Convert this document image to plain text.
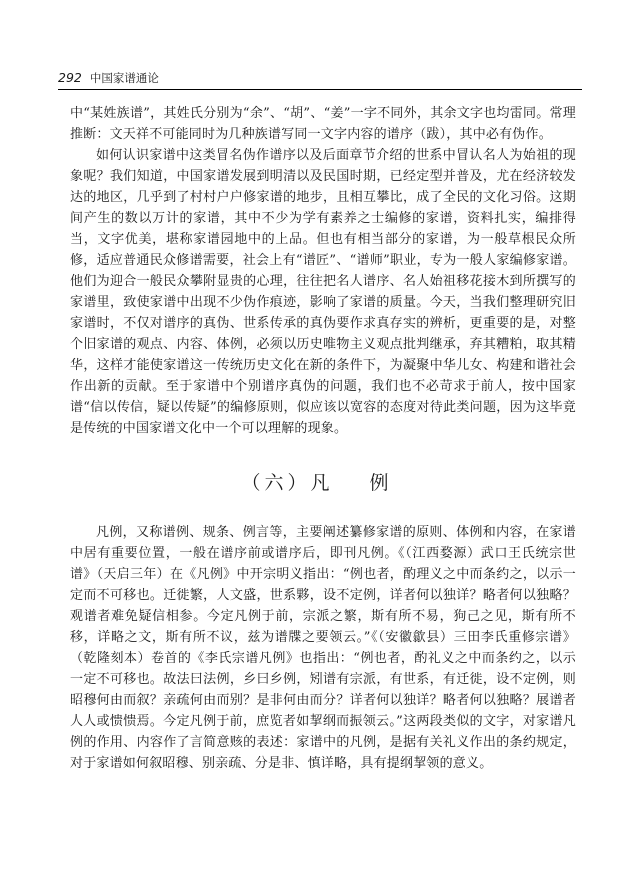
292 中国家谱通论

中“某姓族谱”，其姓氏分别为“余”、“胡”、“姜”一字不同外，其余文字也均雷同。常理推断：文天祥不可能同时为几种族谱写同一文字内容的谱序（跋），其中必有伪作。

如何认识家谱中这类冒名伪作谱序以及后面章节介绍的世系中冒认名人为始祖的现象呢？我们知道，中国家谱发展到明清以及民国时期，已经定型并普及，尤在经济较发达的地区，几乎到了村村户户修家谱的地步，且相互攀比，成了全民的文化习俗。这期间产生的数以万计的家谱，其中不少为学有素养之士编修的家谱，资料扎实，编排得当，文字优美，堪称家谱园地中的上品。但也有相当部分的家谱，为一般草根民众所修，适应普通民众修谱需要，社会上有“谱匠”、“谱师”职业，专为一般人家编修家谱。他们为迎合一般民众攀附显贵的心理，往往把名人谱序、名人始祖移花接木到所撰写的家谱里，致使家谱中出现不少伪作痕迹，影响了家谱的质量。今天，当我们整理研究旧家谱时，不仅对谱序的真伪、世系传承的真伪要作求真存实的辨析，更重要的是，对整个旧家谱的观点、内容、体例，必须以历史唯物主义观点批判继承，弃其糟粕，取其精华，这样才能使家谱这一传统历史文化在新的条件下，为凝聚中华儿女、构建和谐社会作出新的贡献。至于家谱中个别谱序真伪的问题，我们也不必苛求于前人，按中国家谱“信以传信，疑以传疑”的编修原则，似应该以宽容的态度对待此类问题，因为这毕竟是传统的中国家谱文化中一个可以理解的现象。

（六）凡 例

凡例，又称谱例、规条、例言等，主要阐述纂修家谱的原则、体例和内容，在家谱中居有重要位置，一般在谱序前或谱序后，即刊凡例。《（江西婺源）武口王氏统宗世谱》（天启三年）在《凡例》中开宗明义指出：“例也者，酌理义之中而条约之，以示一定而不可移也。迁徙繁，人文盛，世系夥，设不定例，详者何以独详？略者何以独略？观谱者难免疑信相参。今定凡例于前，宗派之繁，斯有所不易，狗己之见，斯有所不移，详略之文，斯有所不议，兹为谱牒之要领云。”《（安徽歙县）三田李氏重修宗谱》（乾隆刻本）卷首的《李氏宗谱凡例》也指出：“例也者，酌礼义之中而条约之，以示一定不可移也。故法曰法例，乡曰乡例，矧谱有宗派，有世系，有迁徙，设不定例，则昭穆何由而叙？亲疏何由而别？是非何由而分？详者何以独详？略者何以独略？展谱者人人或愦愦焉。今定凡例于前，庶览者如挈纲而振领云。”这两段类似的文字，对家谱凡例的作用、内容作了言简意赅的表述：家谱中的凡例，是据有关礼义作出的条约规定，对于家谱如何叙昭穆、别亲疏、分是非、慎详略，具有提纲挈领的意义。
